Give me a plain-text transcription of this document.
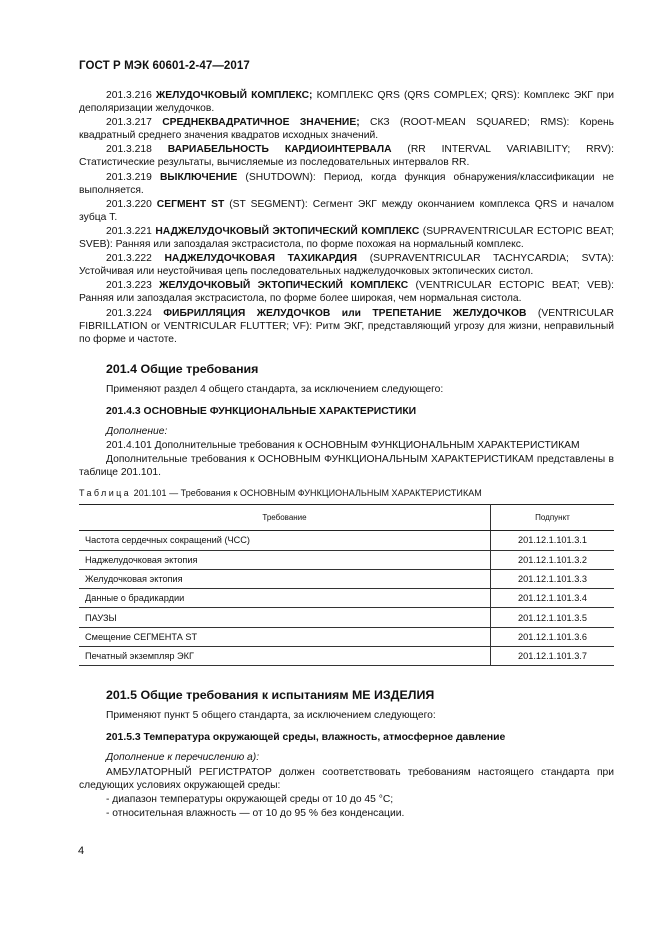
ГОСТ Р МЭК 60601-2-47—2017

201.3.216 ЖЕЛУДОЧКОВЫЙ КОМПЛЕКС; КОМПЛЕКС QRS (QRS COMPLEX; QRS): Комплекс ЭКГ при деполяризации желудочков.

201.3.217 СРЕДНЕКВАДРАТИЧНОЕ ЗНАЧЕНИЕ; СКЗ (ROOT-MEAN SQUARED; RMS): Корень квадратный среднего значения квадратов исходных значений.

201.3.218 ВАРИАБЕЛЬНОСТЬ КАРДИОИНТЕРВАЛА (RR INTERVAL VARIABILITY; RRV): Статистические результаты, вычисляемые из последовательных интервалов RR.

201.3.219 ВЫКЛЮЧЕНИЕ (SHUTDOWN): Период, когда функция обнаружения/классификации не выполняется.

201.3.220 СЕГМЕНТ ST (ST SEGMENT): Сегмент ЭКГ между окончанием комплекса QRS и началом зубца T.

201.3.221 НАДЖЕЛУДОЧКОВЫЙ ЭКТОПИЧЕСКИЙ КОМПЛЕКС (SUPRAVENTRICULAR ECTOPIC BEAT; SVEB): Ранняя или запоздалая экстрасистола, по форме похожая на нормальный комплекс.

201.3.222 НАДЖЕЛУДОЧКОВАЯ ТАХИКАРДИЯ (SUPRAVENTRICULAR TACHYCARDIA; SVTA): Устойчивая или неустойчивая цепь последовательных наджелудочковых эктопических систол.

201.3.223 ЖЕЛУДОЧКОВЫЙ ЭКТОПИЧЕСКИЙ КОМПЛЕКС (VENTRICULAR ECTOPIC BEAT; VEB): Ранняя или запоздалая экстрасистола, по форме более широкая, чем нормальная систола.

201.3.224 ФИБРИЛЛЯЦИЯ ЖЕЛУДОЧКОВ или ТРЕПЕТАНИЕ ЖЕЛУДОЧКОВ (VENTRICULAR FIBRILLATION or VENTRICULAR FLUTTER; VF): Ритм ЭКГ, представляющий угрозу для жизни, неправильный по форме и частоте.

201.4 Общие требования

Применяют раздел 4 общего стандарта, за исключением следующего:

201.4.3 ОСНОВНЫЕ ФУНКЦИОНАЛЬНЫЕ ХАРАКТЕРИСТИКИ

Дополнение:

201.4.101 Дополнительные требования к ОСНОВНЫМ ФУНКЦИОНАЛЬНЫМ ХАРАКТЕРИСТИКАМ

Дополнительные требования к ОСНОВНЫМ ФУНКЦИОНАЛЬНЫМ ХАРАКТЕРИСТИКАМ представлены в таблице 201.101.

Таблица 201.101 — Требования к ОСНОВНЫМ ФУНКЦИОНАЛЬНЫМ ХАРАКТЕРИСТИКАМ
Требование	Подпункт
Частота сердечных сокращений (ЧСС)	201.12.1.101.3.1
Наджелудочковая эктопия	201.12.1.101.3.2
Желудочковая эктопия	201.12.1.101.3.3
Данные о брадикардии	201.12.1.101.3.4
ПАУЗЫ	201.12.1.101.3.5
Смещение СЕГМЕНТА ST	201.12.1.101.3.6
Печатный экземпляр ЭКГ	201.12.1.101.3.7
201.5 Общие требования к испытаниям МЕ ИЗДЕЛИЯ

Применяют пункт 5 общего стандарта, за исключением следующего:

201.5.3 Температура окружающей среды, влажность, атмосферное давление

Дополнение к перечислению а):

АМБУЛАТОРНЫЙ РЕГИСТРАТОР должен соответствовать требованиям настоящего стандарта при следующих условиях окружающей среды:

- диапазон температуры окружающей среды от 10 до 45 °С;

- относительная влажность — от 10 до 95 % без конденсации.

4
